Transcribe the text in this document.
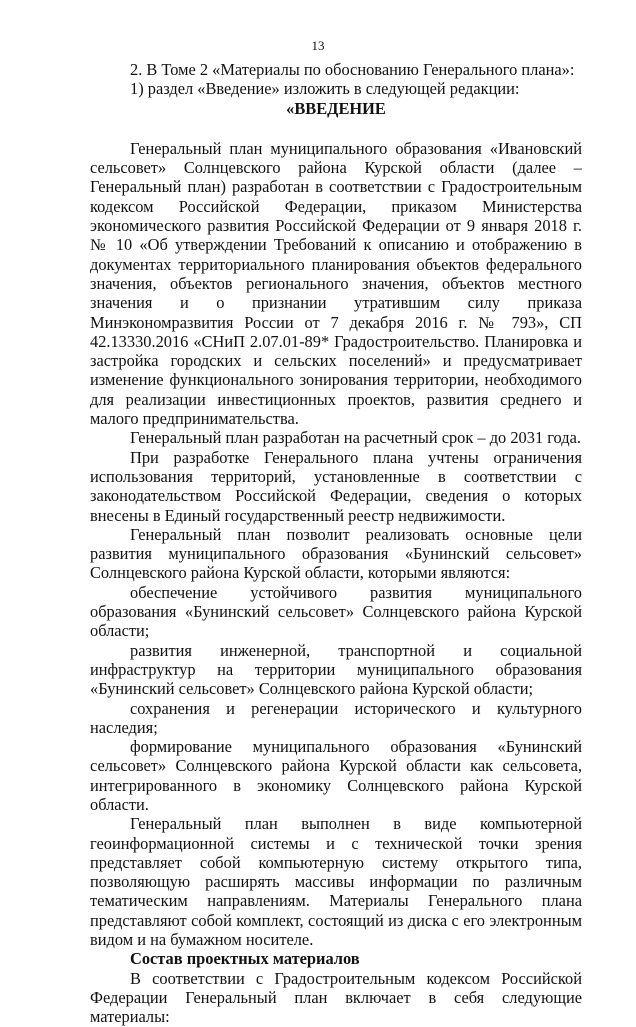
13

2. В Томе 2 «Материалы по обоснованию Генерального плана»:

1) раздел «Введение» изложить в следующей редакции:

«ВВЕДЕНИЕ

Генеральный план муниципального образования «Ивановский сельсовет» Солнцевского района Курской области (далее – Генеральный план) разработан в соответствии с Градостроительным кодексом Российской Федерации, приказом Министерства экономического развития Российской Федерации от 9 января 2018 г. № 10 «Об утверждении Требований к описанию и отображению в документах территориального планирования объектов федерального значения, объектов регионального значения, объектов местного значения и о признании утратившим силу приказа Минэкономразвития России от 7 декабря 2016 г. № 793», СП 42.13330.2016 «СНиП 2.07.01-89* Градостроительство. Планировка и застройка городских и сельских поселений» и предусматривает изменение функционального зонирования территории, необходимого для реализации инвестиционных проектов, развития среднего и малого предпринимательства.

Генеральный план разработан на расчетный срок – до 2031 года.

При разработке Генерального плана учтены ограничения использования территорий, установленные в соответствии с законодательством Российской Федерации, сведения о которых внесены в Единый государственный реестр недвижимости.

Генеральный план позволит реализовать основные цели развития муниципального образования «Бунинский сельсовет» Солнцевского района Курской области, которыми являются:

обеспечение устойчивого развития муниципального образования «Бунинский сельсовет» Солнцевского района Курской области;

развития инженерной, транспортной и социальной инфраструктур на территории муниципального образования «Бунинский сельсовет» Солнцевского района Курской области;

сохранения и регенерации исторического и культурного наследия;

формирование муниципального образования «Бунинский сельсовет» Солнцевского района Курской области как сельсовета, интегрированного в экономику Солнцевского района Курской области.

Генеральный план выполнен в виде компьютерной геоинформационной системы и с технической точки зрения представляет собой компьютерную систему открытого типа, позволяющую расширять массивы информации по различным тематическим направлениям. Материалы Генерального плана представляют собой комплект, состоящий из диска с его электронным видом и на бумажном носителе.

Состав проектных материалов

В соответствии с Градостроительным кодексом Российской Федерации Генеральный план включает в себя следующие материалы:
